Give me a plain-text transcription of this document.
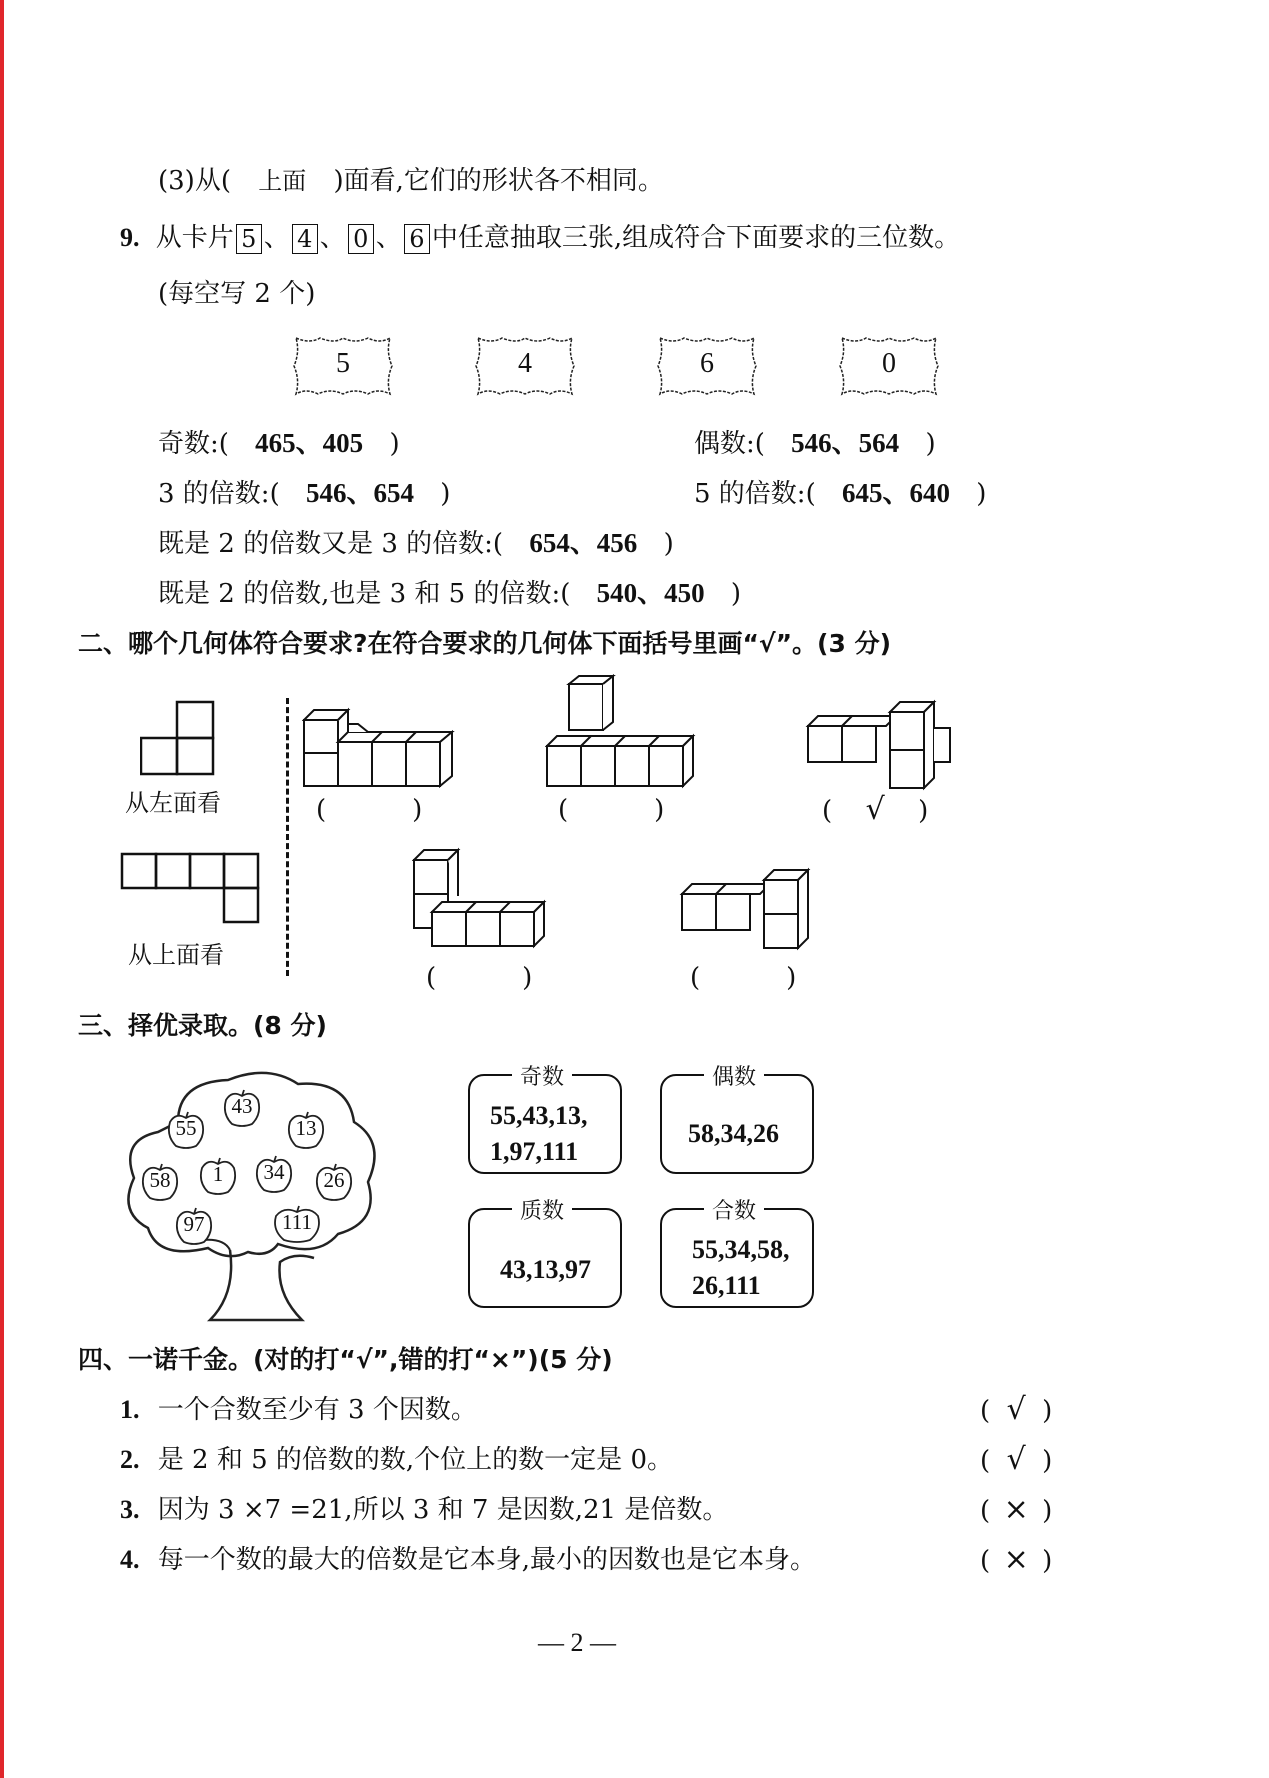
(3)从( 上面 )面看,它们的形状各不相同。
9. 从卡片 5 、 4 、 0 、 6 中任意抽取三张,组成符合下面要求的三位数。
(每空写 2 个)
5	4	6	0
奇数:( 465、405 )	偶数:( 546、564 )
3 的倍数:( 546、654 )	5 的倍数:( 645、640 )
既是 2 的倍数又是 3 的倍数:( 654、456 )
既是 2 的倍数,也是 3 和 5 的倍数:( 540、450 )
二、哪个几何体符合要求?在符合要求的几何体下面括号里画“√”。(3 分)
从左面看
从上面看
(	)	(	)	( √ )
(	)	(	)
三、择优录取。(8 分)
43
55	13
58	1	34	26
97	111
奇数
55,43,13,
1,97,111
偶数
58,34,26
质数
43,13,97
合数
55,34,58,
26,111
四、一诺千金。(对的打“√”,错的打“×”)(5 分)
1. 一个合数至少有 3 个因数。	( √ )
2. 是 2 和 5 的倍数的数,个位上的数一定是 0。	( √ )
3. 因为 3 ×7 =21,所以 3 和 7 是因数,21 是倍数。	( × )
4. 每一个数的最大的倍数是它本身,最小的因数也是它本身。	( × )
— 2 —
